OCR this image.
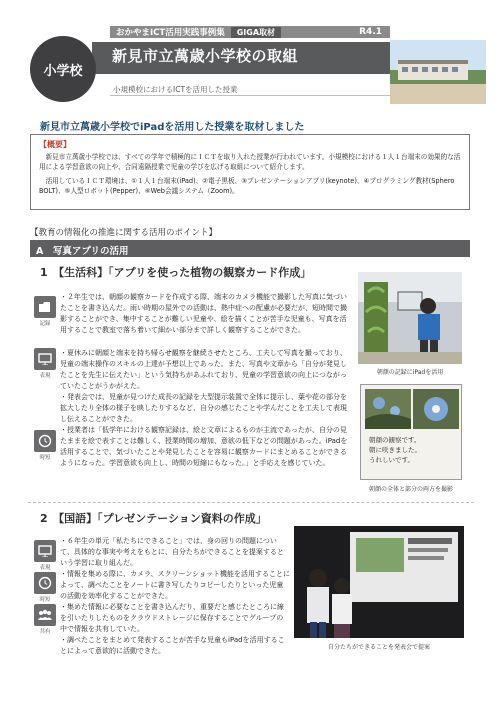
おかやまICT活用実践事例集	GIGA取材	R4.1
新見市立萬歳小学校の取組
小規模校におけるICTを活用した授業
小学校
新見市立萬歳小学校でiPadを活用した授業を取材しました
【概要】

　新見市立萬歳小学校では、すべての学年で積極的にＩＣＴを取り入れた授業が行われています。小規模校における１人１台端末の効果的な活用による学習意欲の向上や、合同遠隔授業で児童の学びを広げる取組について紹介します。

　活用しているＩＣＴ環境は、①１人１台端末(iPad)、②電子黒板、③プレゼンテーションアプリ(keynote)、④プログラミング教材(Sphero BOLT)、⑤人型ロボット(Pepper)、⑥Web会議システム（Zoom)。

【教育の情報化の推進に関する活用のポイント】
A　写真アプリの活用
1　【生活科】「アプリを使った植物の観察カード作成」
記録
表現
時短
・２年生では、朝顔の観察カードを作成する際、端末のカメラ機能で撮影した写真に気づいたことを書き込んだ。雨い時期の屋外での活動は、熱中症への配慮が必要だが、短時間で撮影することができ、集中することが難しい児童や、絵を描くことが苦手な児童も、写真を活用することで教室で落ち着いて細かい部分まで詳しく観察することができた。
・夏休みに朝顔と端末を持ち帰らせ観察を継続させたところ、工夫して写真を撮っており、児童の端末操作のスキルの上達が予想以上であった。また、写真や文章から「自分が発見したことを先生に伝えたい」という気持ちがあふれており、児童の学習意欲の向上につながっていたことがうかがえた。
・発表会では、児童が見つけた成長の記録を大型提示装置で全体に提示し、葉や花の部分を拡大したり全体の様子を映したりするなど、自分の感じたことや学んだことを工夫して表現し伝えることができた。
・授業者は「低学年における観察記録は、絵と文章によるものが主流であったが、自分の見たままを絵で表すことは難しく、授業時間の増加、意欲の低下などの問題があった。iPadを活用することで、気づいたことや発見したことを容易に観察カードにまとめることができるようになった。学習意欲も向上し、時間の短縮にもなった。」と手応えを感じていた。
朝顔の記録にiPadを活用
朝顔の観察です。
朝に咲きました。
うれしいです。
朝顔の全体と部分の両方を撮影
2　【国語】「プレゼンテーション資料の作成」
表現
時短
共有
・６年生の単元「私たちにできること」では、身の回りの問題について、具体的な事実や考えをもとに、自分たちができることを提案するという学習に取り組んだ。
・情報を集める際に、カメラ、スクリーンショット機能を活用することによって、調べたことをノートに書き写したりコピーしたりといった児童の活動を効率化することができた。
・集めた情報に必要なことを書き込んだり、重要だと感じたところに線を引いたりしたものをクラウドストレージに保存することでグループの中で情報を共有していた。
・調べたことをまとめて発表することが苦手な児童もiPadを活用することによって意欲的に活動できた。	自分たちができることを発表会で提案
